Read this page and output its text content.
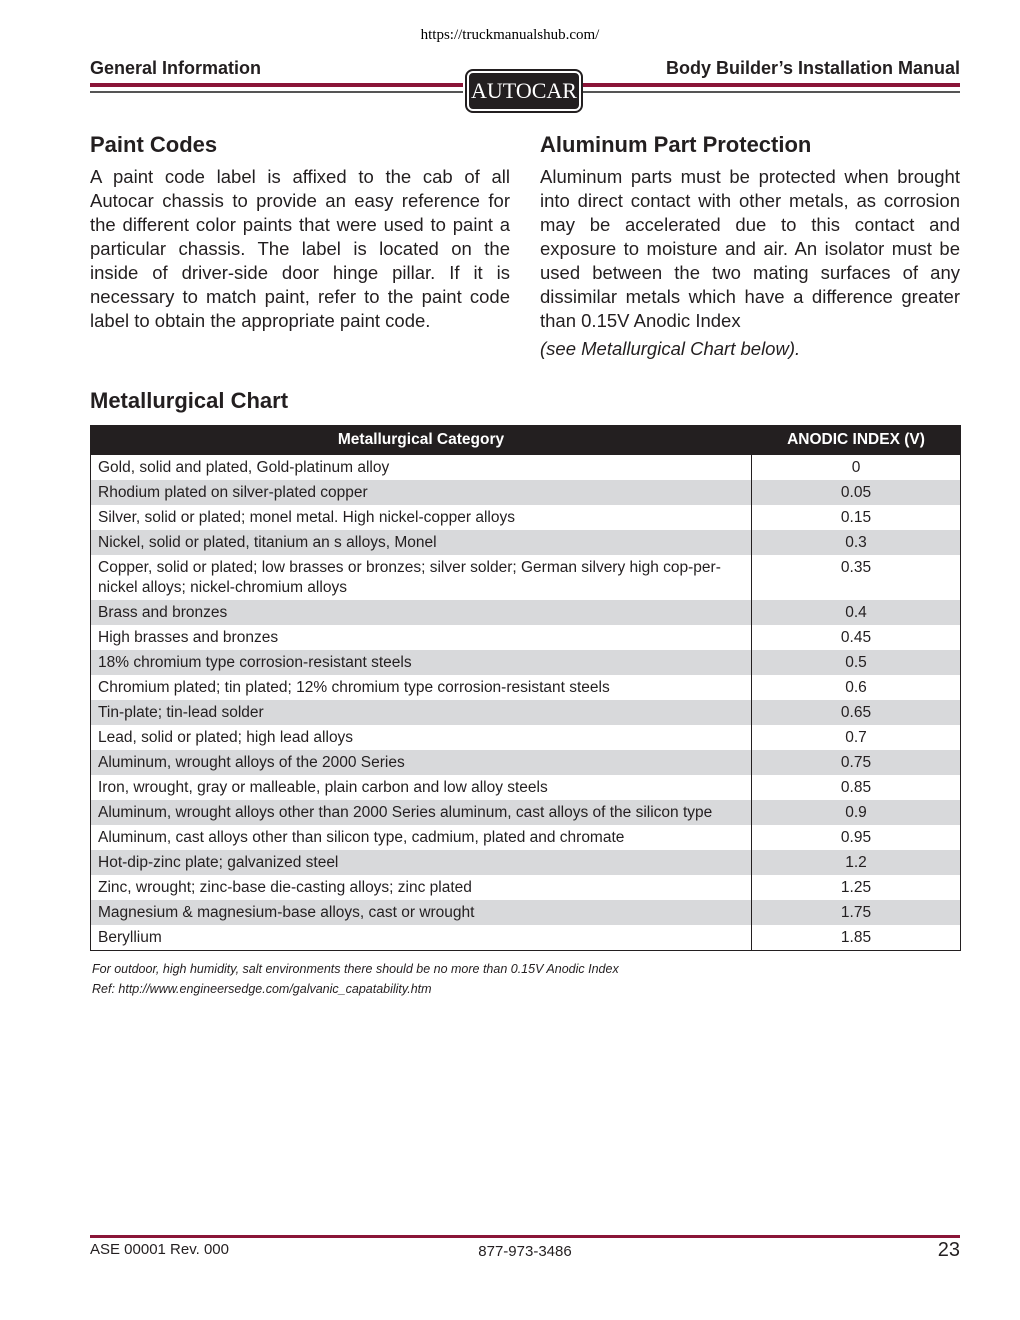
https://truckmanualshub.com/
General Information	Body Builder’s Installation Manual
AUTOCAR
Paint Codes

A paint code label is affixed to the cab of all Autocar chassis to provide an easy reference for the different color paints that were used to paint a particular chassis. The label is located on the inside of driver-side door hinge pillar. If it is necessary to match paint, refer to the paint code label to obtain the appropriate paint code.

Aluminum Part Protection
Aluminum parts must be protected when brought into direct contact with other metals, as corrosion may be accelerated due to this contact and exposure to moisture and air. An isolator must be used between the two mating surfaces of any dissimilar metals which have a difference greater than 0.15V Anodic Index
(see Metallurgical Chart below).
Metallurgical Chart
Metallurgical Category	ANODIC INDEX (V)
Gold, solid and plated, Gold-platinum alloy	0
Rhodium plated on silver-plated copper	0.05
Silver, solid or plated; monel metal. High nickel-copper alloys	0.15
Nickel, solid or plated, titanium an s alloys, Monel	0.3
Copper, solid or plated; low brasses or bronzes; silver solder; German silvery high cop-per-nickel alloys; nickel-chromium alloys	0.35
Brass and bronzes	0.4
High brasses and bronzes	0.45
18% chromium type corrosion-resistant steels	0.5
Chromium plated; tin plated; 12% chromium type corrosion-resistant steels	0.6
Tin-plate; tin-lead solder	0.65
Lead, solid or plated; high lead alloys	0.7
Aluminum, wrought alloys of the 2000 Series	0.75
Iron, wrought, gray or malleable, plain carbon and low alloy steels	0.85
Aluminum, wrought alloys other than 2000 Series aluminum, cast alloys of the silicon type	0.9
Aluminum, cast alloys other than silicon type, cadmium, plated and chromate	0.95
Hot-dip-zinc plate; galvanized steel	1.2
Zinc, wrought; zinc-base die-casting alloys; zinc plated	1.25
Magnesium & magnesium-base alloys, cast or wrought	1.75
Beryllium	1.85
For outdoor, high humidity, salt environments there should be no more than 0.15V Anodic Index
Ref: http://www.engineersedge.com/galvanic_capatability.htm
ASE 00001 Rev. 000	877-973-3486	23
